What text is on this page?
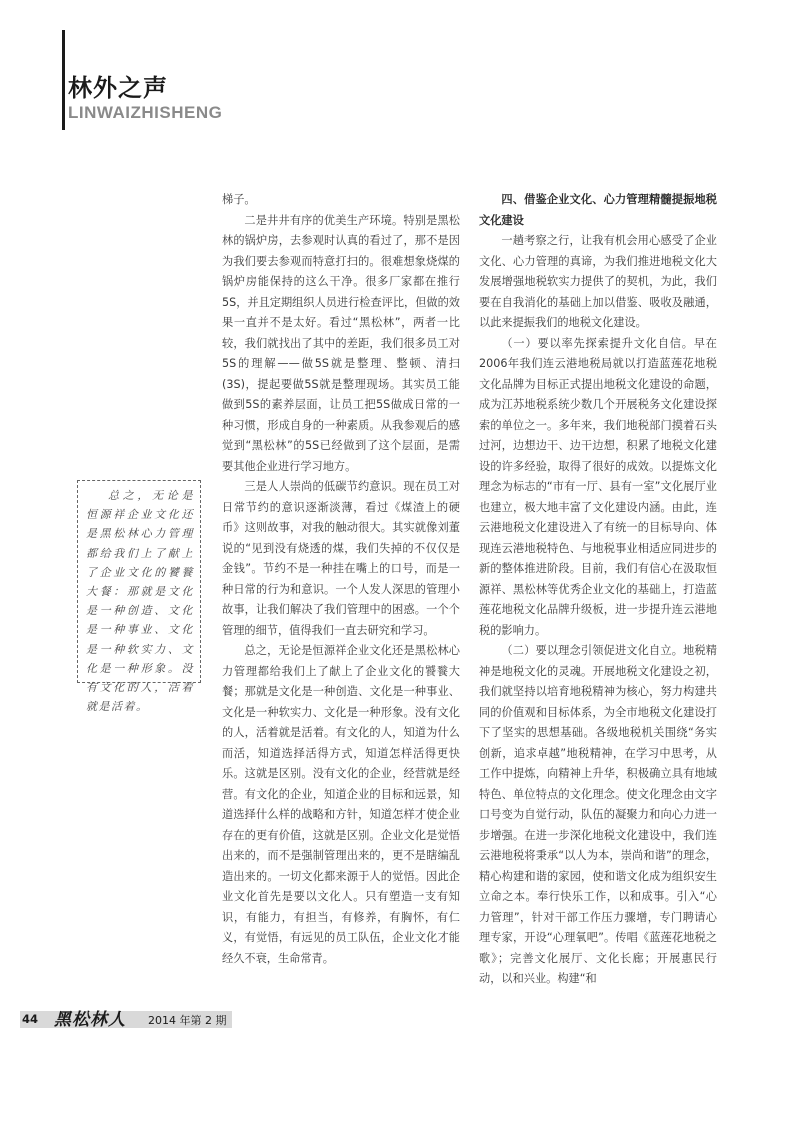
林外之声
LINWAIZHISHENG

梯子。

二是井井有序的优美生产环境。特别是黑松林的锅炉房，去参观时认真的看过了，那不是因为我们要去参观而特意打扫的。很难想象烧煤的锅炉房能保持的这么干净。很多厂家都在推行5S，并且定期组织人员进行检查评比，但做的效果一直并不是太好。看过“黑松林”，两者一比较，我们就找出了其中的差距，我们很多员工对5S的理解——做5S就是整理、整顿、清扫(3S)，提起要做5S就是整理现场。其实员工能做到5S的素养层面，让员工把5S做成日常的一种习惯，形成自身的一种素质。从我参观后的感觉到“黑松林”的5S已经做到了这个层面，是需要其他企业进行学习地方。

三是人人崇尚的低碳节约意识。现在员工对日常节约的意识逐渐淡薄，看过《煤渣上的硬币》这则故事，对我的触动很大。其实就像刘董说的“见到没有烧透的煤，我们失掉的不仅仅是金钱”。节约不是一种挂在嘴上的口号，而是一种日常的行为和意识。一个人发人深思的管理小故事，让我们解决了我们管理中的困惑。一个个管理的细节，值得我们一直去研究和学习。

总之，无论是恒源祥企业文化还是黑松林心力管理都给我们上了献上了企业文化的饕餮大餐；那就是文化是一种创造、文化是一种事业、文化是一种软实力、文化是一种形象。没有文化的人，活着就是活着。有文化的人，知道为什么而活，知道选择活得方式，知道怎样活得更快乐。这就是区别。没有文化的企业，经营就是经营。有文化的企业，知道企业的目标和远景，知道选择什么样的战略和方针，知道怎样才使企业存在的更有价值，这就是区别。企业文化是觉悟出来的，而不是强制管理出来的，更不是瞎编乱造出来的。一切文化都来源于人的觉悟。因此企业文化首先是要以文化人。只有塑造一支有知识，有能力，有担当，有修养，有胸怀，有仁义，有觉悟，有远见的员工队伍，企业文化才能经久不衰，生命常青。

四、借鉴企业文化、心力管理精髓提振地税文化建设

一趟考察之行，让我有机会用心感受了企业文化、心力管理的真谛，为我们推进地税文化大发展增强地税软实力提供了的契机，为此，我们要在自我消化的基础上加以借鉴、吸收及融通，以此来提振我们的地税文化建设。

（一）要以率先探索提升文化自信。早在2006年我们连云港地税局就以打造蓝莲花地税文化品牌为目标正式提出地税文化建设的命题，成为江苏地税系统少数几个开展税务文化建设探索的单位之一。多年来，我们地税部门摸着石头过河，边想边干、边干边想，积累了地税文化建设的许多经验，取得了很好的成效。以提炼文化理念为标志的“市有一厅、县有一室”文化展厅业也建立，极大地丰富了文化建设内涵。由此，连云港地税文化建设进入了有统一的目标导向、体现连云港地税特色、与地税事业相适应同进步的新的整体推进阶段。目前，我们有信心在汲取恒源祥、黑松林等优秀企业文化的基础上，打造蓝莲花地税文化品牌升级板，进一步提升连云港地税的影响力。

（二）要以理念引领促进文化自立。地税精神是地税文化的灵魂。开展地税文化建设之初，我们就坚持以培育地税精神为核心，努力构建共同的价值观和目标体系，为全市地税文化建设打下了坚实的思想基础。各级地税机关围绕“务实创新，追求卓越”地税精神，在学习中思考，从工作中提炼，向精神上升华，积极确立具有地域特色、单位特点的文化理念。使文化理念由文字口号变为自觉行动，队伍的凝聚力和向心力进一步增强。在进一步深化地税文化建设中，我们连云港地税将秉承“以人为本，崇尚和谐”的理念，精心构建和谐的家园，使和谐文化成为组织安生立命之本。奉行快乐工作，以和成事。引入“心力管理”，针对干部工作压力骤增，专门聘请心理专家，开设“心理氧吧”。传唱《蓝莲花地税之歌》；完善文化展厅、文化长廊；开展惠民行动，以和兴业。构建“和

总之，无论是恒源祥企业文化还是黑松林心力管理都给我们上了献上了企业文化的饕餮大餐：那就是文化是一种创造、文化是一种事业、文化是一种软实力、文化是一种形象。没有文化的人，活着就是活着。

44 黑松林人 2014 年第 2 期
